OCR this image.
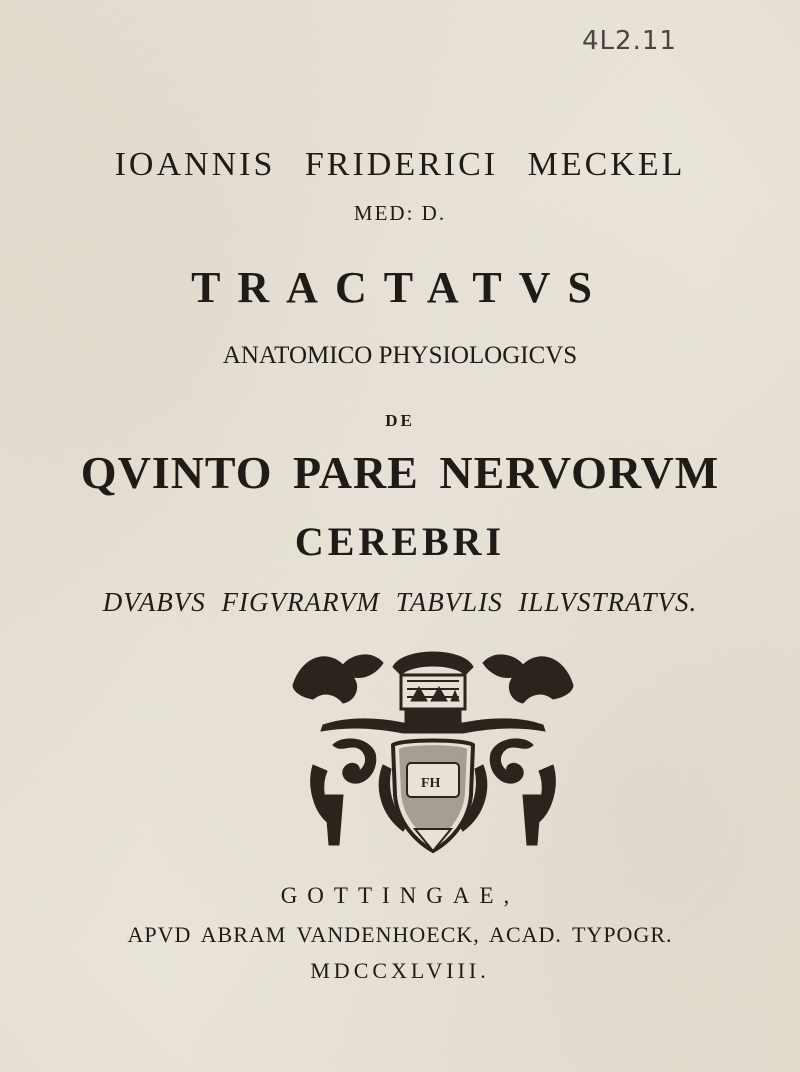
4L2.11
IOANNIS FRIDERICI MECKEL
MED: D.
TRACTATVS
ANATOMICO PHYSIOLOGICVS
DE
QVINTO PARE NERVORVM
CEREBRI
DVABVS FIGVRARVM TABVLIS ILLVSTRATVS.
FH
GOTTINGAE,
APVD ABRAM VANDENHOECK, ACAD. TYPOGR.
MDCCXLVIII.
